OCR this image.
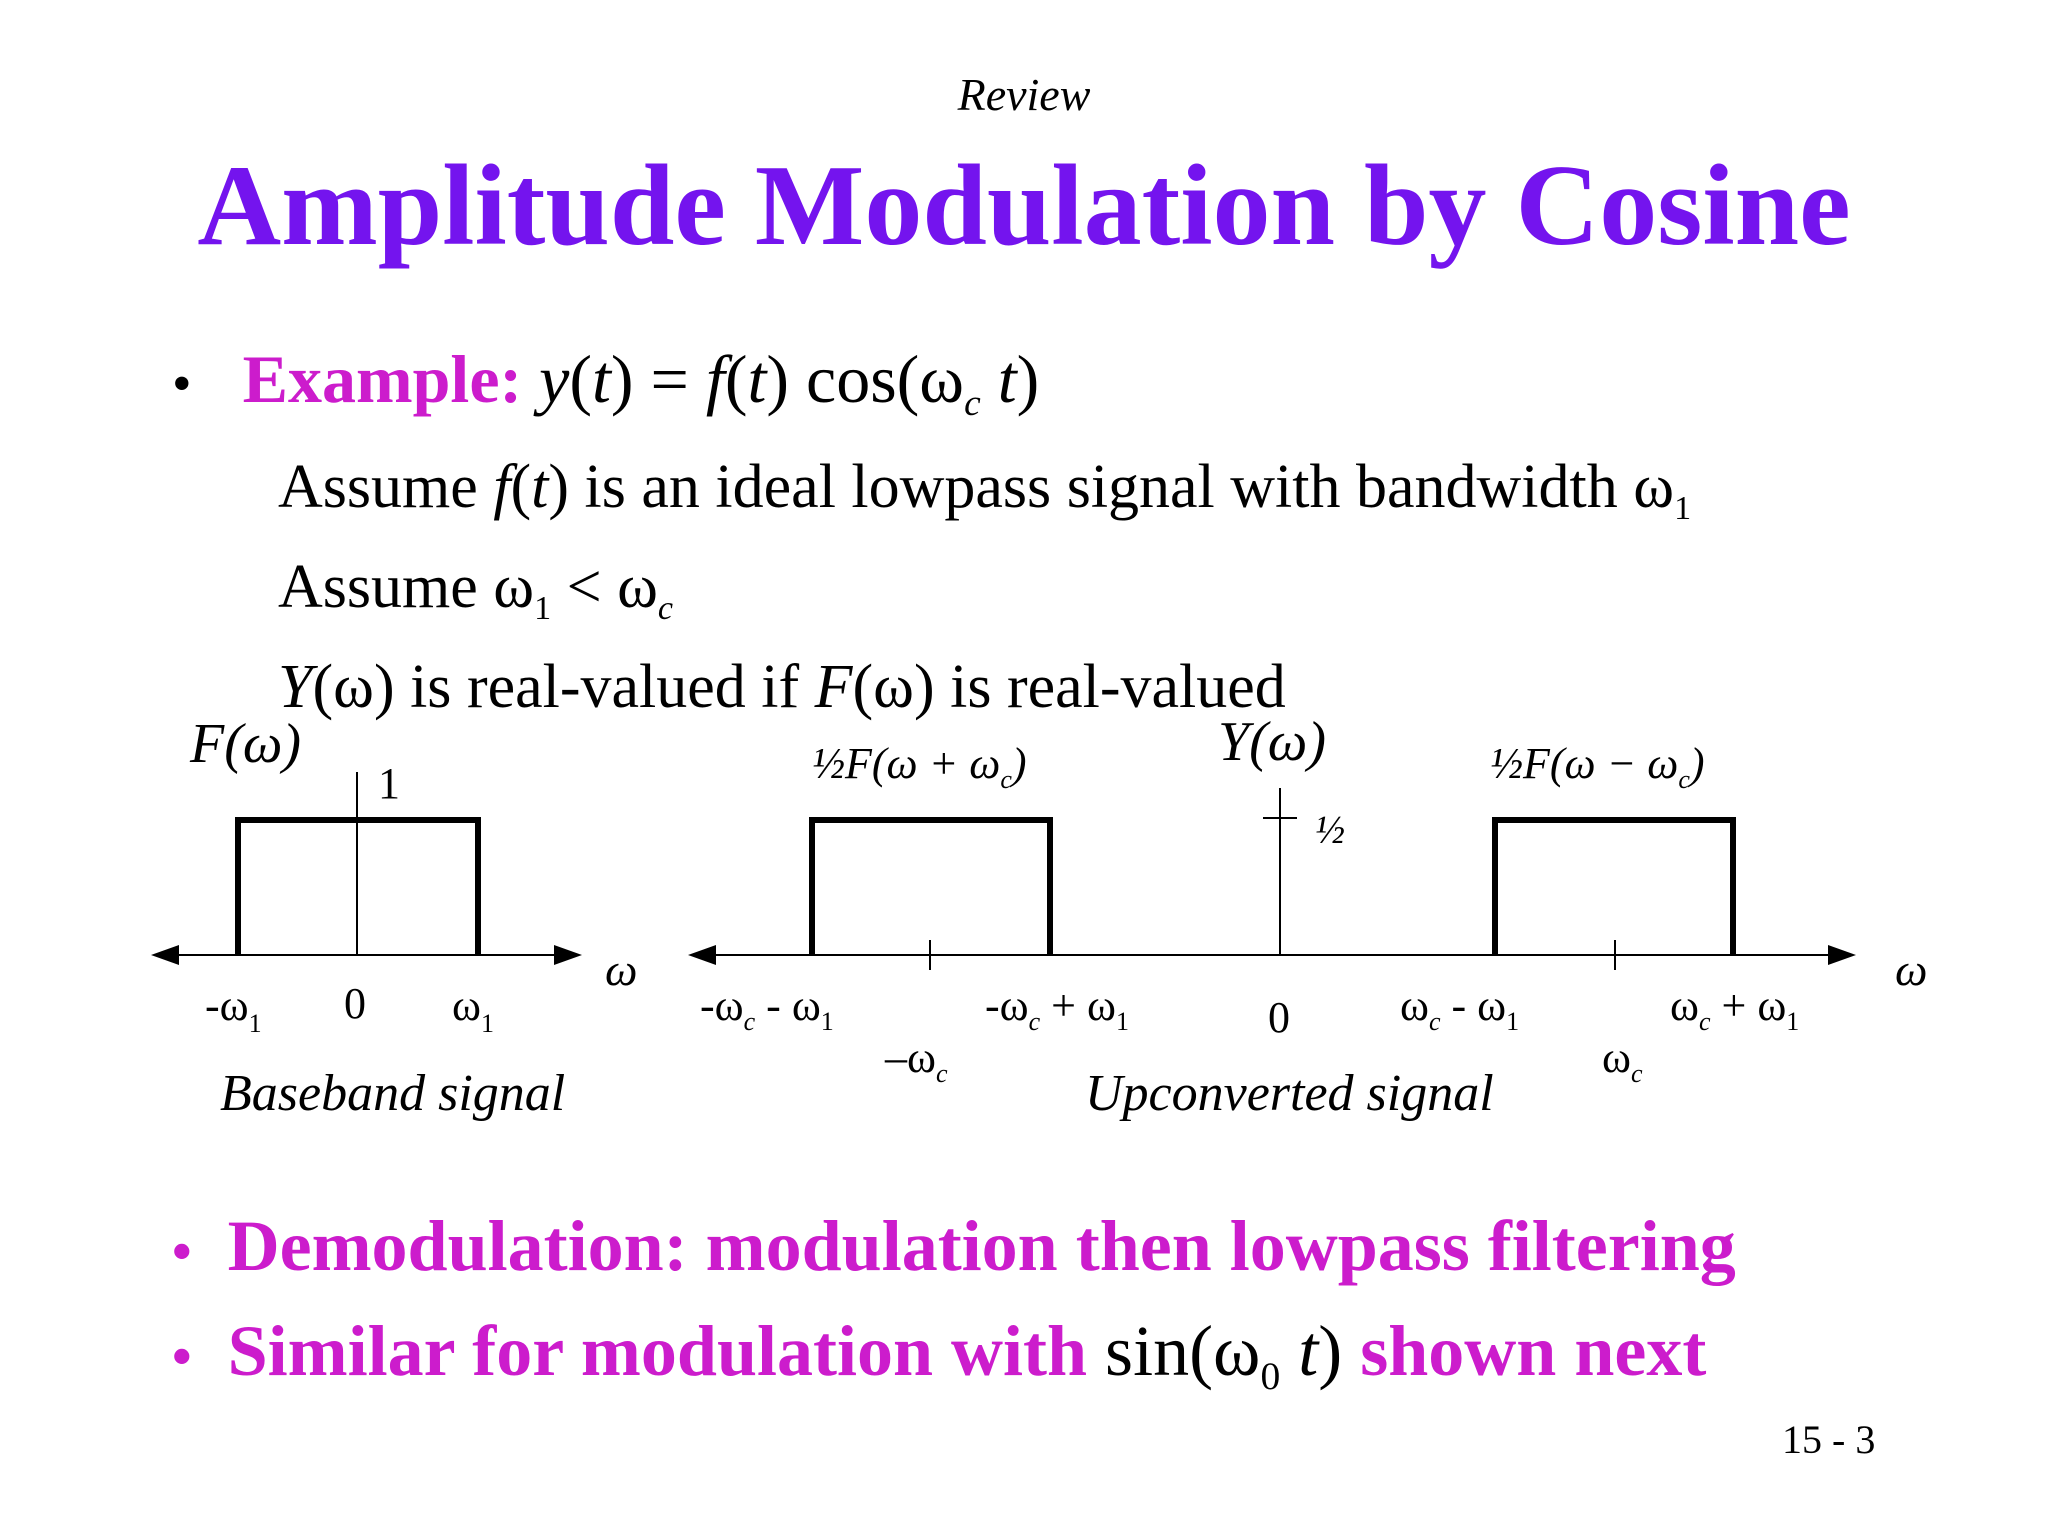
Review
Amplitude Modulation by Cosine
• Example: y(t) = f(t) cos(ωc t)
Assume f(t) is an ideal lowpass signal with bandwidth ω1
Assume ω1 < ωc
Y(ω) is real-valued if F(ω) is real-valued
F(ω)
1
ω
$-\omega_1$ 0 $\omega_1$
Baseband signal
Y(ω)
½
½F(ω + $\omega_c$)	½F(ω − $\omega_c$)
ω
$-\omega_c - \omega_1$	$-\omega_c + \omega_1$	0	$\omega_c - \omega_1$	$\omega_c + \omega_1$
$-\omega_c$	$\omega_c$
Upconverted signal
• Demodulation: modulation then lowpass filtering
• Similar for modulation with sin(ω0 t) shown next
15 - 3
